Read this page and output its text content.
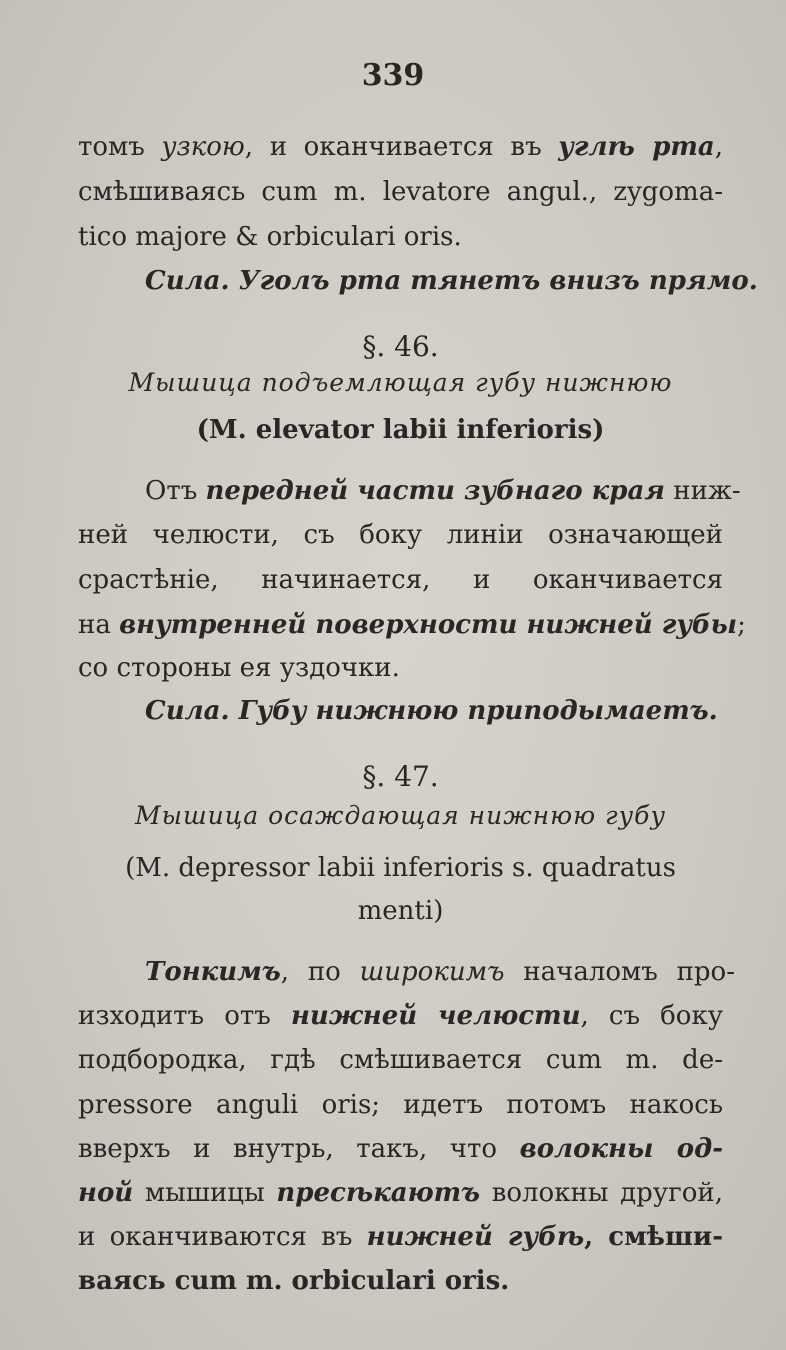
339
томъ узкою, и оканчивается въ углѣ рта,
смѣшиваясь cum m. levatore angul., zygoma-
tico majore & orbiculari oris.
Сила. Уголъ рта тянетъ внизъ прямо.
§. 46.
Мышица подъемлющая губу нижнюю
(M. elevator labii inferioris)
Отъ передней части зубнаго края ниж-
ней челюсти, съ боку линіи означающей
срастѣніе, начинается, и оканчивается
на внутренней поверхности нижней губы;
со стороны ея уздочки.
Сила. Губу нижнюю приподымаетъ.
§. 47.
Мышица осаждающая нижнюю губу
(M. depressor labii inferioris s. quadratus
menti)
Тонкимъ, по широкимъ началомъ про-
изходитъ отъ нижней челюсти, съ боку
подбородка, гдѣ смѣшивается cum m. de-
pressore anguli oris; идетъ потомъ накось
вверхъ и внутрь, такъ, что волокны од-
ной мышицы пресѣкаютъ волокны другой,
и оканчиваются въ нижней губѣ, смѣши-
ваясь cum m. orbiculari oris.
